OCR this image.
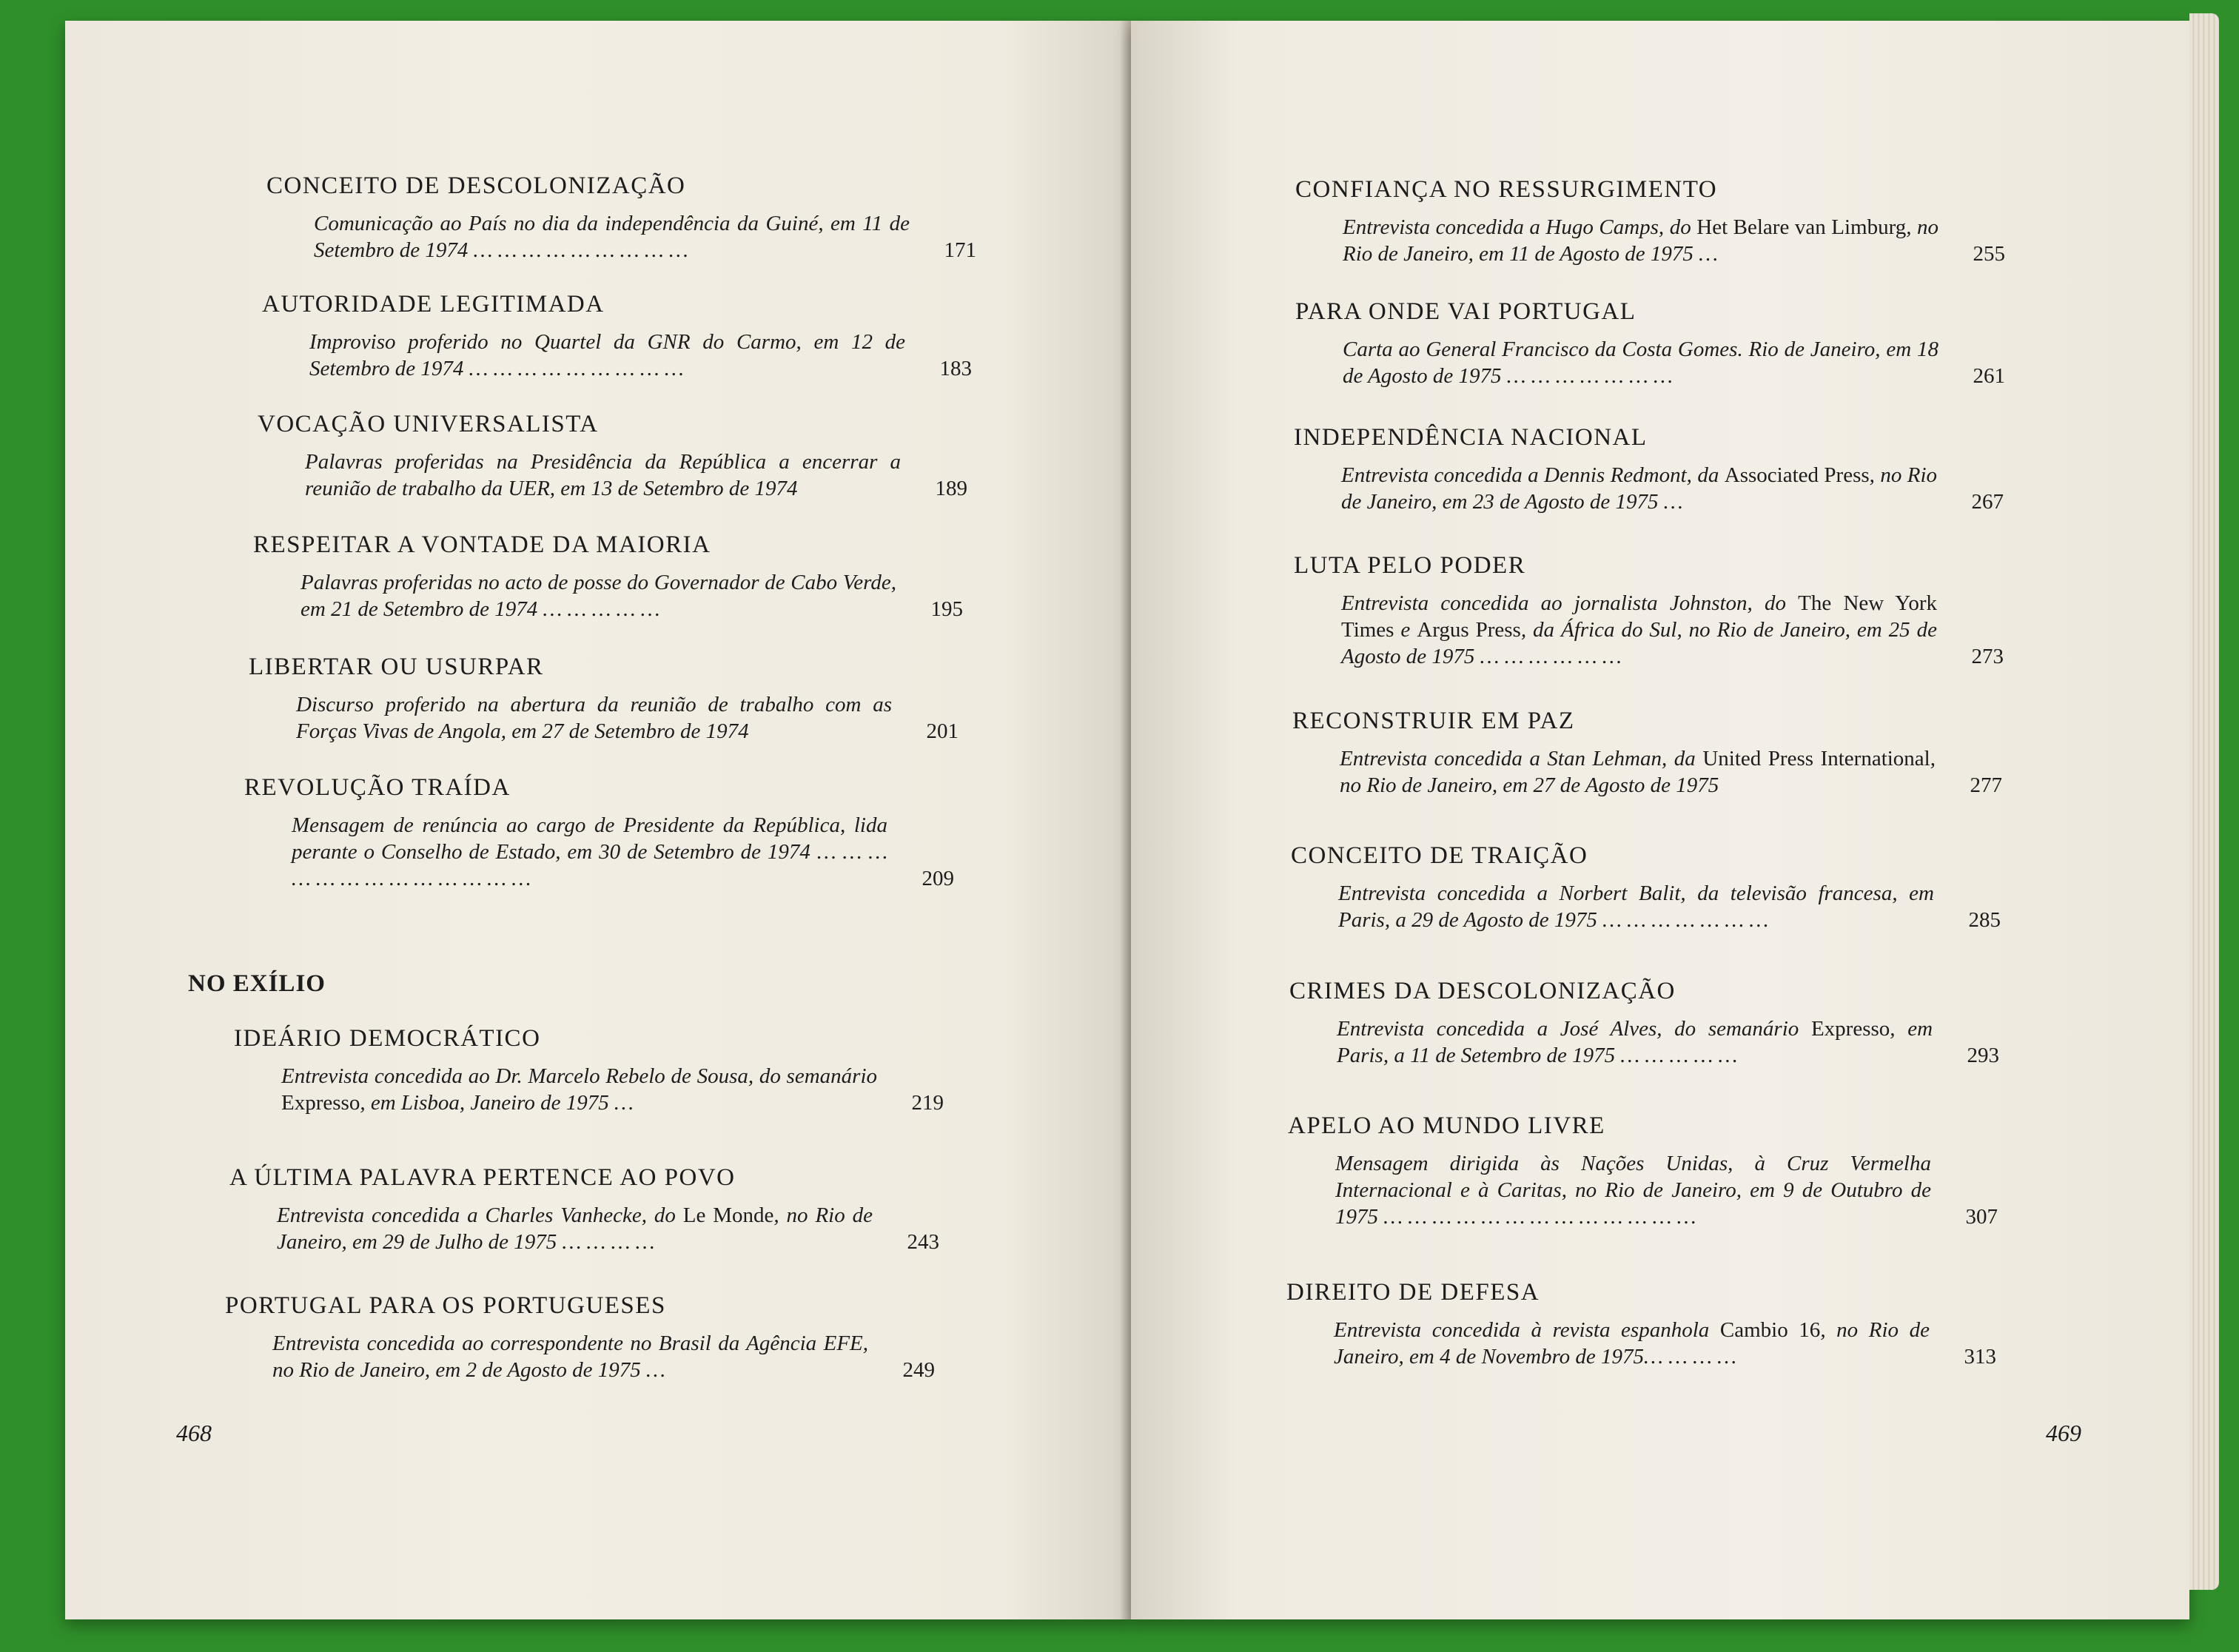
CONCEITO DE DESCOLONIZAÇÃO
Comunicação ao País no dia da independência da Guiné, em 11 de Setembro de 1974 … … … … … … … … …	171
AUTORIDADE LEGITIMADA
Improviso proferido no Quartel da GNR do Carmo, em 12 de Setembro de 1974 … … … … … … … … …	183
VOCAÇÃO UNIVERSALISTA
Palavras proferidas na Presidência da República a encerrar a reunião de trabalho da UER, em 13 de Setembro de 1974	189
RESPEITAR A VONTADE DA MAIORIA
Palavras proferidas no acto de posse do Governador de Cabo Verde, em 21 de Setembro de 1974 … … … … …	195
LIBERTAR OU USURPAR
Discurso proferido na abertura da reunião de trabalho com as Forças Vivas de Angola, em 27 de Setembro de 1974	201
REVOLUÇÃO TRAÍDA
Mensagem de renúncia ao cargo de Presidente da República, lida perante o Conselho de Estado, em 30 de Setembro de 1974 … … … … … … … … … … … … …	209
NO EXÍLIO
IDEÁRIO DEMOCRÁTICO
Entrevista concedida ao Dr. Marcelo Rebelo de Sousa, do semanário Expresso, em Lisboa, Janeiro de 1975 …	219
A ÚLTIMA PALAVRA PERTENCE AO POVO
Entrevista concedida a Charles Vanhecke, do Le Monde, no Rio de Janeiro, em 29 de Julho de 1975 … … … …	243
PORTUGAL PARA OS PORTUGUESES
Entrevista concedida ao correspondente no Brasil da Agência EFE, no Rio de Janeiro, em 2 de Agosto de 1975 …	249
468
CONFIANÇA NO RESSURGIMENTO
Entrevista concedida a Hugo Camps, do Het Belare van Limburg, no Rio de Janeiro, em 11 de Agosto de 1975 …	255
PARA ONDE VAI PORTUGAL
Carta ao General Francisco da Costa Gomes. Rio de Janeiro, em 18 de Agosto de 1975 … … … … … … …	261
INDEPENDÊNCIA NACIONAL
Entrevista concedida a Dennis Redmont, da Associated Press, no Rio de Janeiro, em 23 de Agosto de 1975 …	267
LUTA PELO PODER
Entrevista concedida ao jornalista Johnston, do The New York Times e Argus Press, da África do Sul, no Rio de Janeiro, em 25 de Agosto de 1975 … … … … … …	273
RECONSTRUIR EM PAZ
Entrevista concedida a Stan Lehman, da United Press International, no Rio de Janeiro, em 27 de Agosto de 1975	277
CONCEITO DE TRAIÇÃO
Entrevista concedida a Norbert Balit, da televisão francesa, em Paris, a 29 de Agosto de 1975 … … … … … … …	285
CRIMES DA DESCOLONIZAÇÃO
Entrevista concedida a José Alves, do semanário Expresso, em Paris, a 11 de Setembro de 1975 … … … … …	293
APELO AO MUNDO LIVRE
Mensagem dirigida às Nações Unidas, à Cruz Vermelha Internacional e à Caritas, no Rio de Janeiro, em 9 de Outubro de 1975 … … … … … … … … … … … … …	307
DIREITO DE DEFESA
Entrevista concedida à revista espanhola Cambio 16, no Rio de Janeiro, em 4 de Novembro de 1975… … … …	313
469
